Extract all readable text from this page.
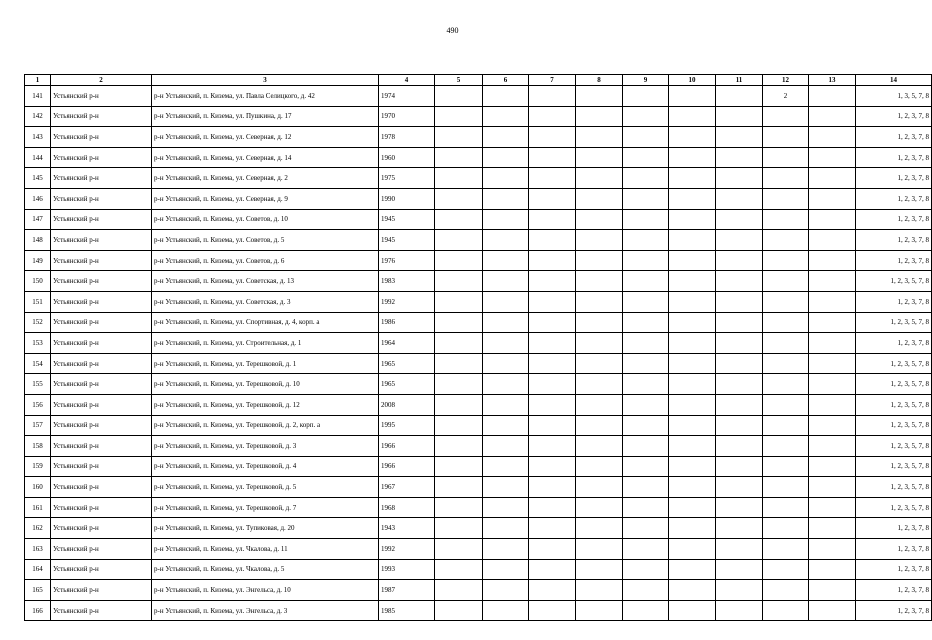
490
1	2	3	4	5	6	7	8	9	10	11	12	13	14
141	Устьянский р-н	р-н Устьянский, п. Кизема, ул. Павла Селицкого, д. 42	1974								2		1, 3, 5, 7, 8
142	Устьянский р-н	р-н Устьянский, п. Кизема, ул. Пушкина, д. 17	1970										1, 2, 3, 7, 8
143	Устьянский р-н	р-н Устьянский, п. Кизема, ул. Северная, д. 12	1978										1, 2, 3, 7, 8
144	Устьянский р-н	р-н Устьянский, п. Кизема, ул. Северная, д. 14	1960										1, 2, 3, 7, 8
145	Устьянский р-н	р-н Устьянский, п. Кизема, ул. Северная, д. 2	1975										1, 2, 3, 7, 8
146	Устьянский р-н	р-н Устьянский, п. Кизема, ул. Северная, д. 9	1990										1, 2, 3, 7, 8
147	Устьянский р-н	р-н Устьянский, п. Кизема, ул. Советов, д. 10	1945										1, 2, 3, 7, 8
148	Устьянский р-н	р-н Устьянский, п. Кизема, ул. Советов, д. 5	1945										1, 2, 3, 7, 8
149	Устьянский р-н	р-н Устьянский, п. Кизема, ул. Советов, д. 6	1976										1, 2, 3, 7, 8
150	Устьянский р-н	р-н Устьянский, п. Кизема, ул. Советская, д. 13	1983										1, 2, 3, 5, 7, 8
151	Устьянский р-н	р-н Устьянский, п. Кизема, ул. Советская, д. 3	1992										1, 2, 3, 7, 8
152	Устьянский р-н	р-н Устьянский, п. Кизема, ул. Спортивная, д. 4, корп. а	1986										1, 2, 3, 5, 7, 8
153	Устьянский р-н	р-н Устьянский, п. Кизема, ул. Строительная, д. 1	1964										1, 2, 3, 7, 8
154	Устьянский р-н	р-н Устьянский, п. Кизема, ул. Терешковой, д. 1	1965										1, 2, 3, 5, 7, 8
155	Устьянский р-н	р-н Устьянский, п. Кизема, ул. Терешковой, д. 10	1965										1, 2, 3, 5, 7, 8
156	Устьянский р-н	р-н Устьянский, п. Кизема, ул. Терешковой, д. 12	2008										1, 2, 3, 5, 7, 8
157	Устьянский р-н	р-н Устьянский, п. Кизема, ул. Терешковой, д. 2, корп. а	1995										1, 2, 3, 5, 7, 8
158	Устьянский р-н	р-н Устьянский, п. Кизема, ул. Терешковой, д. 3	1966										1, 2, 3, 5, 7, 8
159	Устьянский р-н	р-н Устьянский, п. Кизема, ул. Терешковой, д. 4	1966										1, 2, 3, 5, 7, 8
160	Устьянский р-н	р-н Устьянский, п. Кизема, ул. Терешковой, д. 5	1967										1, 2, 3, 5, 7, 8
161	Устьянский р-н	р-н Устьянский, п. Кизема, ул. Терешковой, д. 7	1968										1, 2, 3, 5, 7, 8
162	Устьянский р-н	р-н Устьянский, п. Кизема, ул. Тупиковая, д. 20	1943										1, 2, 3, 7, 8
163	Устьянский р-н	р-н Устьянский, п. Кизема, ул. Чкалова, д. 11	1992										1, 2, 3, 7, 8
164	Устьянский р-н	р-н Устьянский, п. Кизема, ул. Чкалова, д. 5	1993										1, 2, 3, 7, 8
165	Устьянский р-н	р-н Устьянский, п. Кизема, ул. Энгельса, д. 10	1987										1, 2, 3, 7, 8
166	Устьянский р-н	р-н Устьянский, п. Кизема, ул. Энгельса, д. 3	1985										1, 2, 3, 7, 8
